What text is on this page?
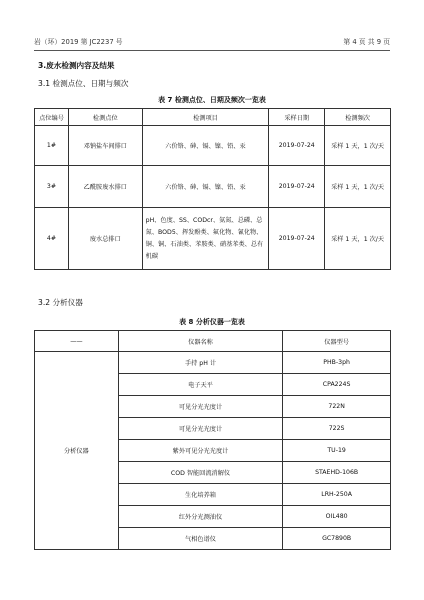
岩（环）2019 第 JC2237 号	第 4 页 共 9 页
3.废水检测内容及结果
3.1 检测点位、日期与频次
表 7 检测点位、日期及频次一览表
点位编号	检测点位	检测项目	采样日期	检测频次
1#	邓钠盐车间排口	六价铬、砷、镉、镍、铅、汞	2019-07-24	采样 1 天，1 次/天
3#	乙酰胺废水排口	六价铬、砷、镉、镍、铅、汞	2019-07-24	采样 1 天，1 次/天
4#	废水总排口	pH、色度、SS、CODcr、氨氮、总磷、总氮、BOD5、挥发酚类、氟化物、氰化物、铜、铜、石油类、苯胺类、硝基苯类、总有机碳	2019-07-24	采样 1 天，1 次/天
3.2 分析仪器
表 8 分析仪器一览表
——	仪器名称	仪器型号
分析仪器	手持 pH 计	PHB-3ph
	电子天平	CPA224S
	可见分光光度计	722N
	可见分光光度计	722S
	紫外可见分光光度计	TU-19
	COD 智能回流消解仪	STAEHD-106B
	生化培养箱	LRH-250A
	红外分光测油仪	OIL480
	气相色谱仪	GC7890B
